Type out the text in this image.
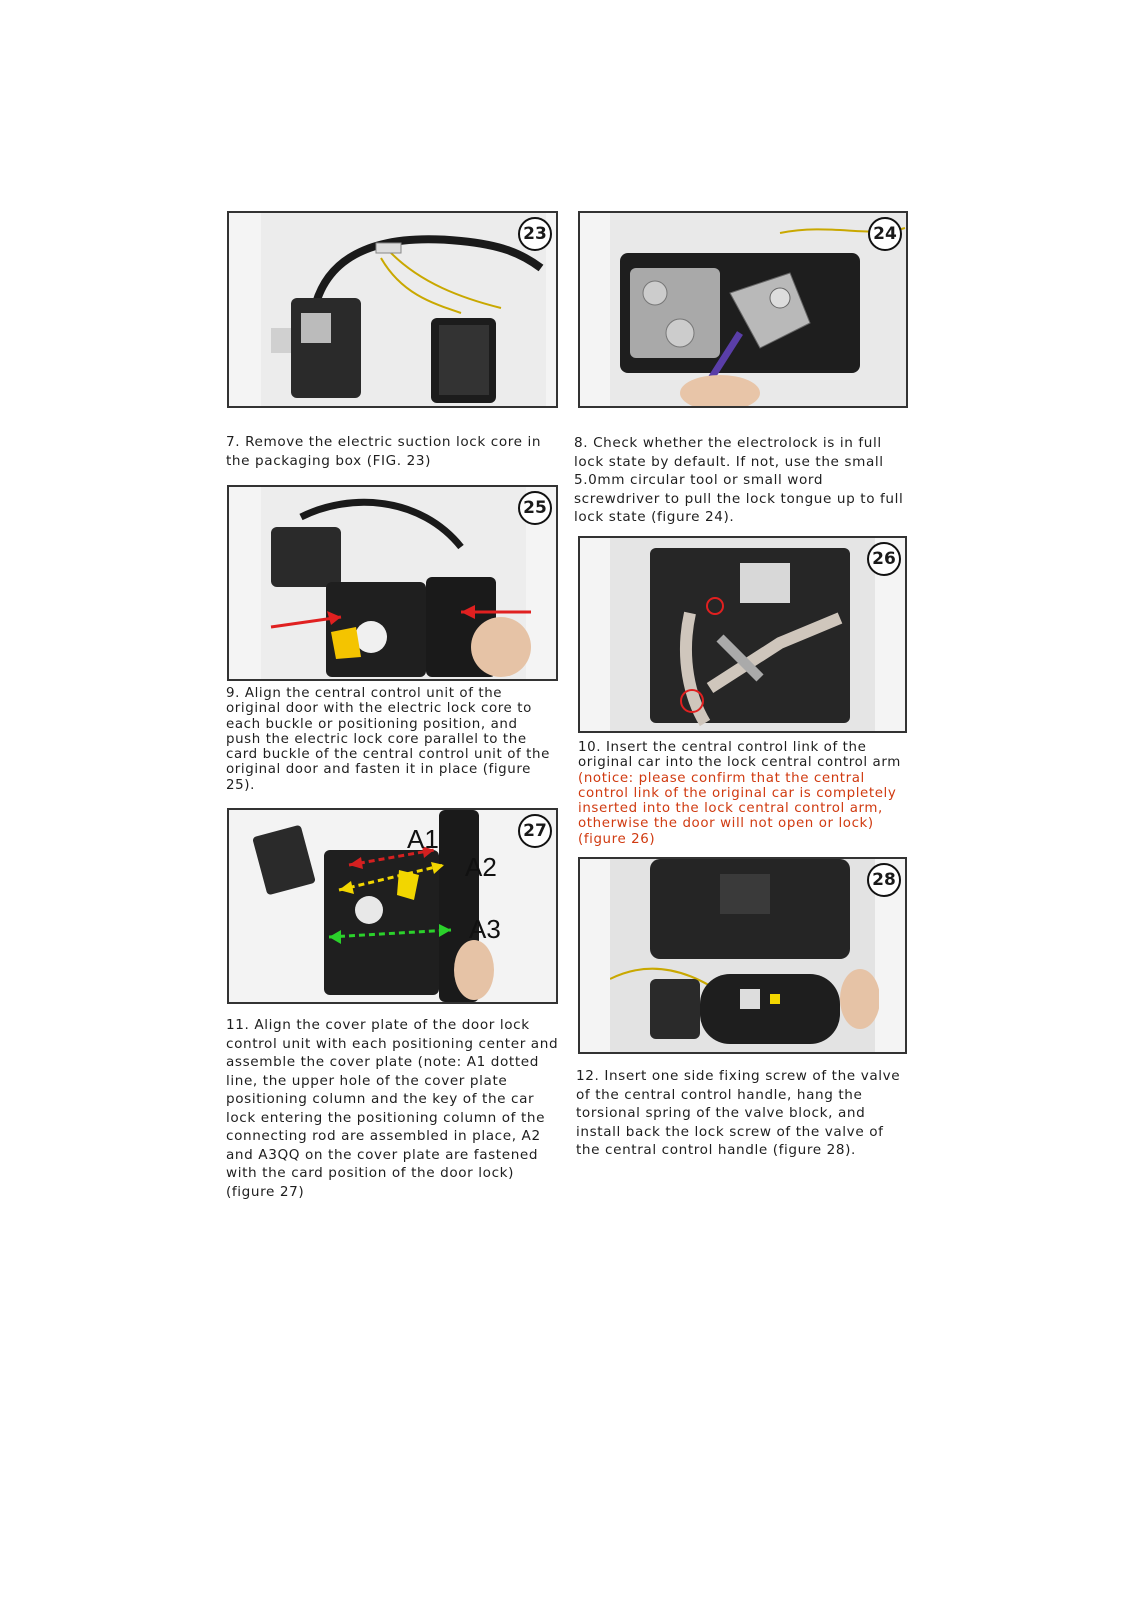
23	24
7. Remove the electric suction lock core in the packaging box (FIG. 23)
8. Check whether the electrolock is in full lock state by default. If not, use the small 5.0mm circular tool or small word screwdriver to pull the lock tongue up to full lock state (figure 24).
25
26
9. Align the central control unit of the original door with the electric lock core to each buckle or positioning position, and push the electric lock core parallel to the card buckle of the central control unit of the original door and fasten it in place (figure 25).
10. Insert the central control link of the original car into the lock central control arm (notice: please confirm that the central control link of the original car is completely inserted into the lock central control arm, otherwise the door will not open or lock) (figure 26)
A1
A2
A3
27
28
11. Align the cover plate of the door lock control unit with each positioning center and assemble the cover plate (note: A1 dotted line, the upper hole of the cover plate positioning column and the key of the car lock entering the positioning column of the connecting rod are assembled in place, A2 and A3QQ on the cover plate are fastened with the card position of the door lock) (figure 27)
12. Insert one side fixing screw of the valve of the central control handle, hang the torsional spring of the valve block, and install back the lock screw of the valve of the central control handle (figure 28).
